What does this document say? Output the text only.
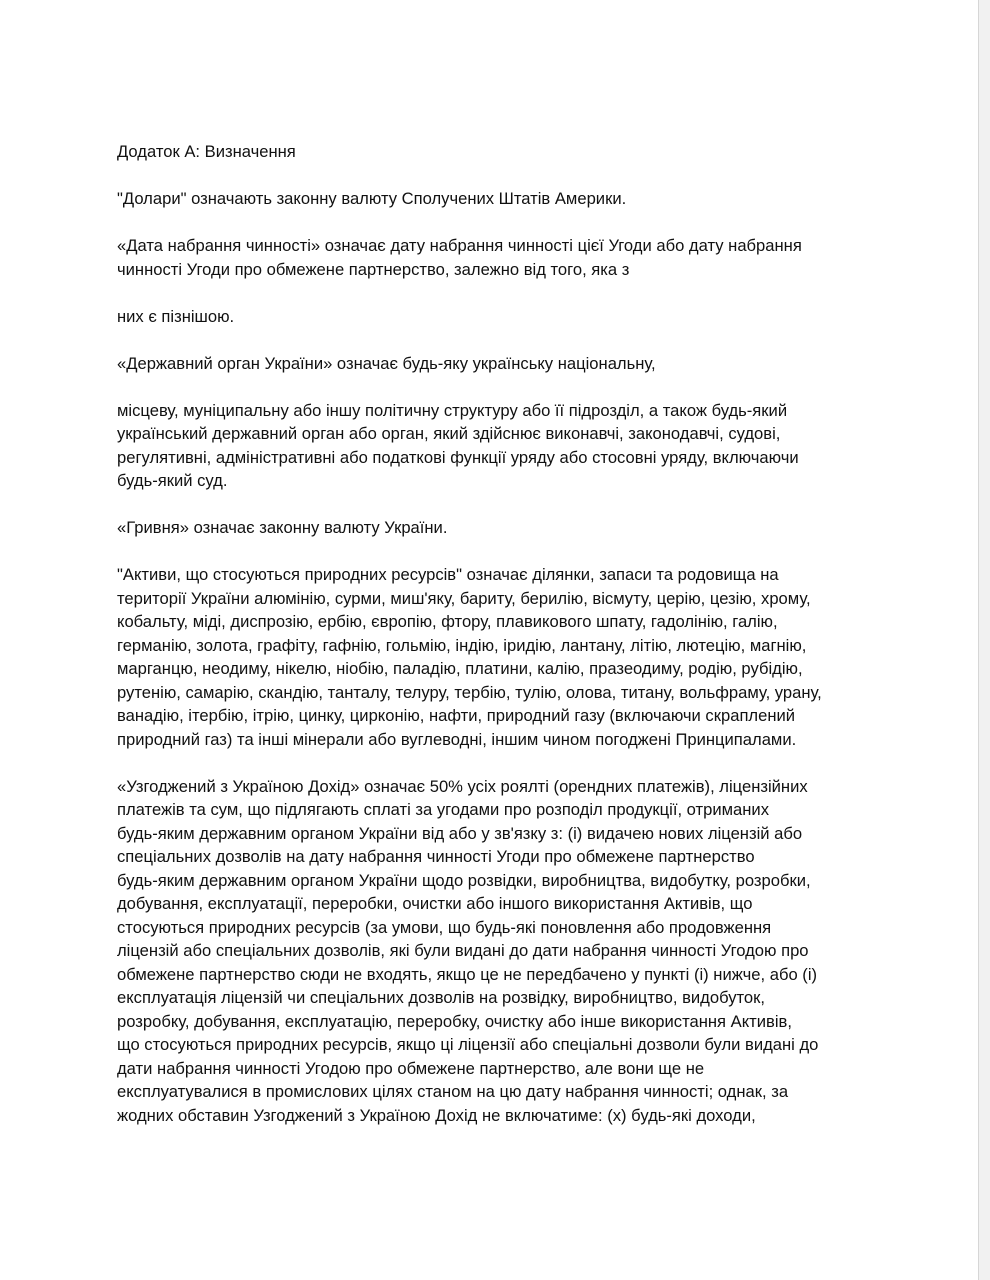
Додаток А: Визначення

"Долари" означають законну валюту Сполучених Штатів Америки.

«Дата набрання чинності» означає дату набрання чинності цієї Угоди або дату набрання

чинності Угоди про обмежене партнерство, залежно від того, яка з

них є пізнішою.

«Державний орган України» означає будь-яку українську національну,

місцеву, муніципальну або іншу політичну структуру або її підрозділ, а також будь-який

український державний орган або орган, який здійснює виконавчі, законодавчі, судові,

регулятивні, адміністративні або податкові функції уряду або стосовні уряду, включаючи

будь-який суд.

«Гривня» означає законну валюту України.

"Активи, що стосуються природних ресурсів" означає ділянки, запаси та родовища на

території України алюмінію, сурми, миш'яку, бариту, берилію, вісмуту, церію, цезію, хрому,

кобальту, міді, диспрозію, ербію, європію, фтору, плавикового шпату, гадолінію, галію,

германію, золота, графіту, гафнію, гольмію, індію, іридію, лантану, літію, лютецію, магнію,

марганцю, неодиму, нікелю, ніобію, паладію, платини, калію, празеодиму, родію, рубідію,

рутенію, самарію, скандію, танталу, телуру, тербію, тулію, олова, титану, вольфраму, урану,

ванадію, ітербію, ітрію, цинку, цирконію, нафти, природний газу (включаючи скраплений

природний газ) та інші мінерали або вуглеводні, іншим чином погоджені Принципалами.

«Узгоджений з Україною Дохід» означає 50% усіх роялті (орендних платежів), ліцензійних

платежів та сум, що підлягають сплаті за угодами про розподіл продукції, отриманих

будь-яким державним органом України від або у зв'язку з: (і) видачею нових ліцензій або

спеціальних дозволів на дату набрання чинності Угоди про обмежене партнерство

будь-яким державним органом України щодо розвідки, виробництва, видобутку, розробки,

добування, експлуатації, переробки, очистки або іншого використання Активів, що

стосуються природних ресурсів (за умови, що будь-які поновлення або продовження

ліцензій або спеціальних дозволів, які були видані до дати набрання чинності Угодою про

обмежене партнерство сюди не входять, якщо це не передбачено у пункті (і) нижче, або (і)

експлуатація ліцензій чи спеціальних дозволів на розвідку, виробництво, видобуток,

розробку, добування, експлуатацію, переробку, очистку або інше використання Активів,

що стосуються природних ресурсів, якщо ці ліцензії або спеціальні дозволи були видані до

дати набрання чинності Угодою про обмежене партнерство, але вони ще не

експлуатувалися в промислових цілях станом на цю дату набрання чинності; однак, за

жодних обставин Узгоджений з Україною Дохід не включатиме: (х) будь-які доходи,
